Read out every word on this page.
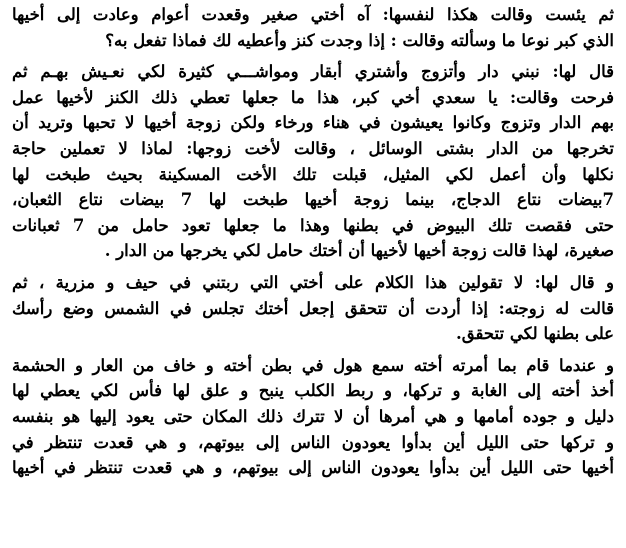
ثم يئست وقالت هكذا لنفسها: آه أختي صغير وقعدت أعوام وعادت إلى أخيها
الذي كبر نوعا ما وسألته وقالت : إذا وجدت كنز وأعطيه لك فماذا تفعل به؟

قال لها: نبني دار وأتزوج وأشتري أبقار ومواشـــي كثيرة لكي نعـيش بهـم ثم
فرحت وقالت: يا سعدي أخي كبر، هذا ما جعلها تعطي ذلك الكنز لأخيها عمل
بهم الدار وتزوج وكانوا يعيشون في هناء ورخاء ولكن زوجة أخيها لا تحبها وتريد أن
تخرجها من الدار بشتى الوسائل ، وقالت لأخت زوجها: لماذا لا تعملين حاجة
نكلها وأن أعمل لكي المثيل، قبلت تلك الأخت المسكينة بحيث طبخت لها
7بيضات نتاع الدجاج، بينما زوجة أخيها طبخت لها 7 بيضات نتاع الثعبان،
حتى فقصت تلك البيوض في بطنها وهذا ما جعلها تعود حامل من 7 ثعبانات
صغيرة، لهذا قالت زوجة أخيها لأخيها أن أختك حامل لكي يخرجها من الدار .

و قال لها: لا تقولين هذا الكلام على أختي التي ربتني في حيف و مزرية ، ثم
قالت له زوجته: إذا أردت أن تتحقق إجعل أختك تجلس في الشمس وضع رأسك
على بطنها لكي تتحقق.

و عندما قام بما أمرته أخته سمع هول في بطن أخته و خاف من العار و الحشمة
أخذ أخته إلى الغابة و تركها، و ربط الكلب ينبح و علق لها فأس لكي يعطي لها
دليل و جوده أمامها و هي أمرها أن لا تترك ذلك المكان حتى يعود إليها هو بنفسه
و تركها حتى الليل أين بدأوا يعودون الناس إلى بيوتهم، و هي قعدت تنتظر في
أخيها حتى الليل أين بدأوا يعودون الناس إلى بيوتهم، و هي قعدت تنتظر في أخيها
